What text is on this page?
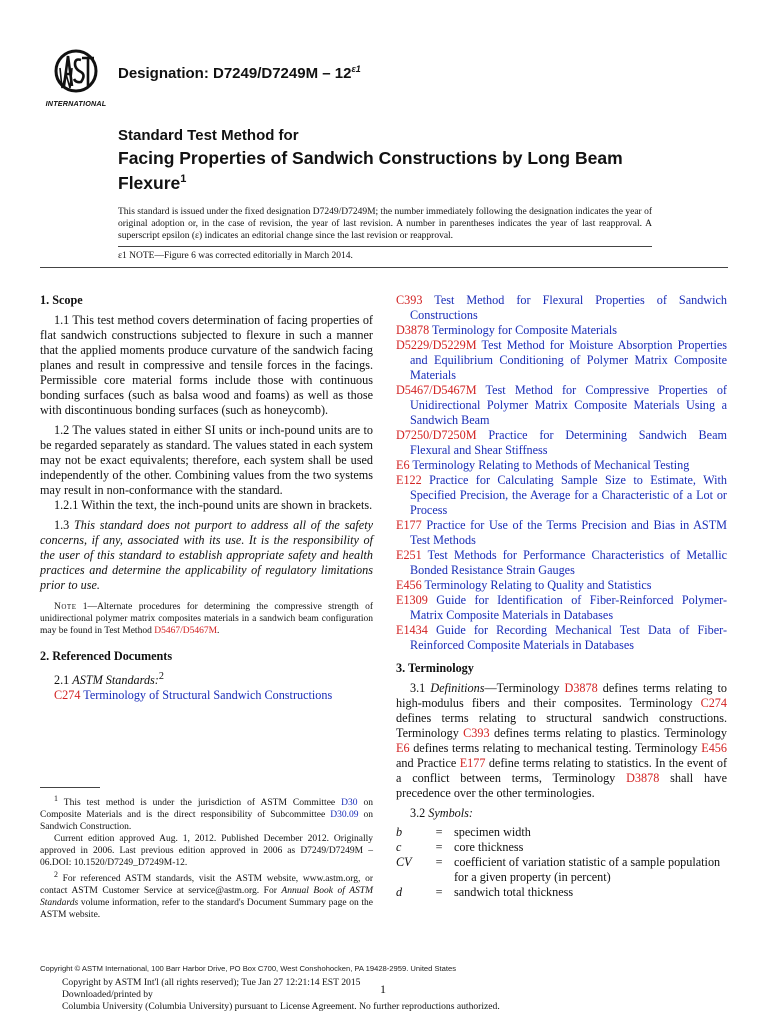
INTERNATIONAL
Designation: $D7249/D7249M - 12^{\varepsilon 1}$
Standard Test Method for
Facing Properties of Sandwich Constructions by Long Beam Flexure$^1$
This standard is issued under the fixed designation D7249/D7249M; the number immediately following the designation indicates the year of original adoption or, in the case of revision, the year of last revision. A number in parentheses indicates the year of last reapproval. A superscript epsilon (ε) indicates an editorial change since the last revision or reapproval.
ε1 NOTE—Figure 6 was corrected editorially in March 2014.
1. Scope
1.1 This test method covers determination of facing properties of flat sandwich constructions subjected to flexure in such a manner that the applied moments produce curvature of the sandwich facing planes and result in compressive and tensile forces in the facings. Permissible core material forms include those with continuous bonding surfaces (such as balsa wood and foams) as well as those with discontinuous bonding surfaces (such as honeycomb).
1.2 The values stated in either SI units or inch-pound units are to be regarded separately as standard. The values stated in each system may not be exact equivalents; therefore, each system shall be used independently of the other. Combining values from the two systems may result in non-conformance with the standard.
1.2.1 Within the text, the inch-pound units are shown in brackets.
1.3 This standard does not purport to address all of the safety concerns, if any, associated with its use. It is the responsibility of the user of this standard to establish appropriate safety and health practices and determine the applicability of regulatory limitations prior to use.
Note 1—Alternate procedures for determining the compressive strength of unidirectional polymer matrix composites materials in a sandwich beam configuration may be found in Test Method D5467/D5467M.
2. Referenced Documents
2.1 ASTM Standards:$^2$
C274 Terminology of Structural Sandwich Constructions
$^1$ This test method is under the jurisdiction of ASTM Committee D30 on Composite Materials and is the direct responsibility of Subcommittee D30.09 on Sandwich Construction.
Current edition approved Aug. 1, 2012. Published December 2012. Originally approved in 2006. Last previous edition approved in 2006 as D7249/D7249M – 06.DOI: 10.1520/D7249_D7249M-12.
$^2$ For referenced ASTM standards, visit the ASTM website, www.astm.org, or contact ASTM Customer Service at service@astm.org. For Annual Book of ASTM Standards volume information, refer to the standard's Document Summary page on the ASTM website.
C393 Test Method for Flexural Properties of Sandwich Constructions
D3878 Terminology for Composite Materials
D5229/D5229M Test Method for Moisture Absorption Properties and Equilibrium Conditioning of Polymer Matrix Composite Materials
D5467/D5467M Test Method for Compressive Properties of Unidirectional Polymer Matrix Composite Materials Using a Sandwich Beam
D7250/D7250M Practice for Determining Sandwich Beam Flexural and Shear Stiffness
E6 Terminology Relating to Methods of Mechanical Testing
E122 Practice for Calculating Sample Size to Estimate, With Specified Precision, the Average for a Characteristic of a Lot or Process
E177 Practice for Use of the Terms Precision and Bias in ASTM Test Methods
E251 Test Methods for Performance Characteristics of Metallic Bonded Resistance Strain Gauges
E456 Terminology Relating to Quality and Statistics
E1309 Guide for Identification of Fiber-Reinforced Polymer-Matrix Composite Materials in Databases
E1434 Guide for Recording Mechanical Test Data of Fiber-Reinforced Composite Materials in Databases
3. Terminology
3.1 Definitions—Terminology D3878 defines terms relating to high-modulus fibers and their composites. Terminology C274 defines terms relating to structural sandwich constructions. Terminology C393 defines terms relating to plastics. Terminology E6 defines terms relating to mechanical testing. Terminology E456 and Practice E177 define terms relating to statistics. In the event of a conflict between terms, Terminology D3878 shall have precedence over the other terminologies.
3.2 Symbols:
b	= specimen width
c	= core thickness
CV	= coefficient of variation statistic of a sample population for a given property (in percent)
d	= sandwich total thickness
Copyright © ASTM International, 100 Barr Harbor Drive, PO Box C700, West Conshohocken, PA 19428-2959. United States
Copyright by ASTM Int'l (all rights reserved); Tue Jan 27 12:21:14 EST 2015
Downloaded/printed by
Columbia University (Columbia University) pursuant to License Agreement. No further reproductions authorized.
1
